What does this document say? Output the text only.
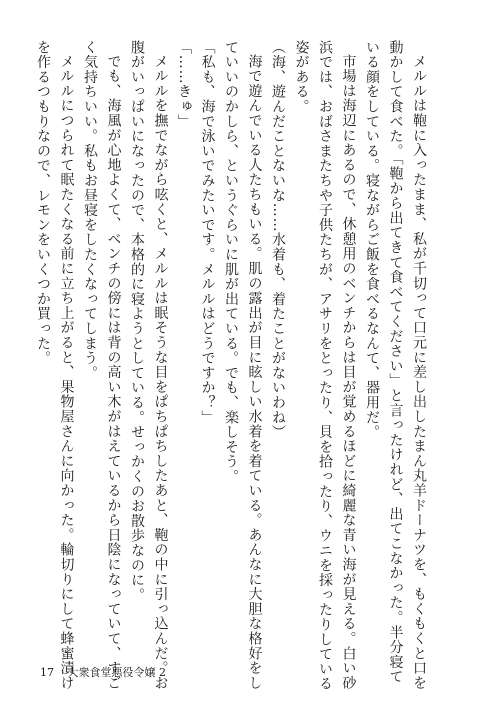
メルルは鞄に入ったまま、私が千切って口元に差し出したまん丸羊ドーナツを、もくもくと口を
動かして食べた。「鞄から出てきて食べてください」と言ったけれど、出てこなかった。半分寝て
いる顔をしている。寝ながらご飯を食べるなんて、器用だ。
市場は海辺にあるので、休憩用のベンチからは目が覚めるほどに綺麗な青い海が見える。白い砂
浜では、おばさまたちや子供たちが、アサリをとったり、貝を拾ったり、ウニを採ったりしている
姿がある。
（海、遊んだことないな……水着も、着たことがないわね）
海で遊んでいる人たちもいる。肌の露出が目に眩しい水着を着ている。あんなに大胆な格好をし
ていいのかしら、というぐらいに肌が出ている。でも、楽しそう。
「私も、海で泳いでみたいです。メルルはどうですか？」
「……きゅ」
メルルを撫でながら呟くと、メルルは眠そうな目をぱちぱちしたあと、鞄の中に引っ込んだ。お
腹がいっぱいになったので、本格的に寝ようとしている。せっかくのお散歩なのに。
でも、海風が心地よくて、ベンチの傍には背の高い木がはえているから日陰になっていて、すご
く気持ちいい。私もお昼寝をしたくなってしまう。
メルルにつられて眠たくなる前に立ち上がると、果物屋さんに向かった。輪切りにして蜂蜜漬け
を作るつもりなので、レモンをいくつか買った。
17 大衆食堂悪役令嬢 2
